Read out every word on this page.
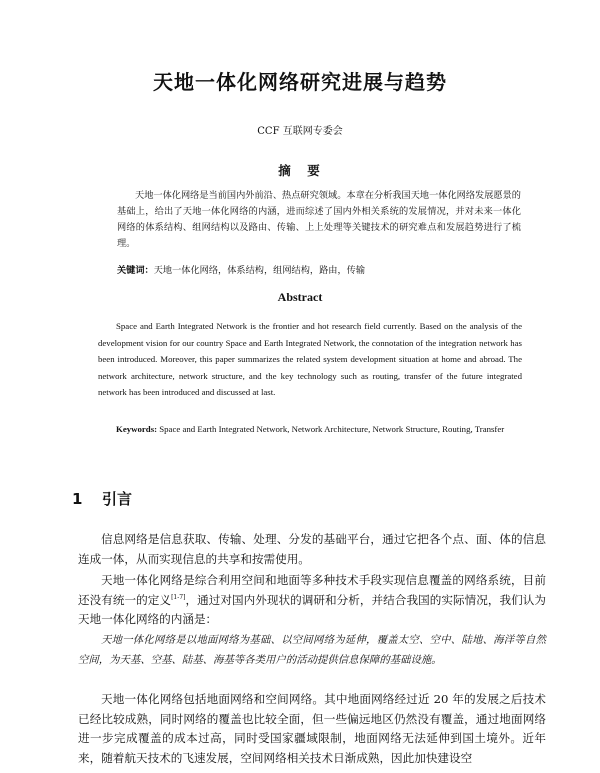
天地一体化网络研究进展与趋势
CCF 互联网专委会
摘　要
天地一体化网络是当前国内外前沿、热点研究领域。本章在分析我国天地一体化网络发展愿景的基础上，给出了天地一体化网络的内涵，进而综述了国内外相关系统的发展情况，并对未来一体化网络的体系结构、组网结构以及路由、传输、上上处理等关键技术的研究难点和发展趋势进行了梳理。
关键词：天地一体化网络，体系结构，组网结构，路由，传输
Abstract
Space and Earth Integrated Network is the frontier and hot research field currently. Based on the analysis of the development vision for our country Space and Earth Integrated Network, the connotation of the integration network has been introduced. Moreover, this paper summarizes the related system development situation at home and abroad. The network architecture, network structure, and the key technology such as routing, transfer of the future integrated network has been introduced and discussed at last.
Keywords: Space and Earth Integrated Network, Network Architecture, Network Structure, Routing, Transfer
1 引言
信息网络是信息获取、传输、处理、分发的基础平台，通过它把各个点、面、体的信息连成一体，从而实现信息的共享和按需使用。
天地一体化网络是综合利用空间和地面等多种技术手段实现信息覆盖的网络系统，目前还没有统一的定义[1-7]，通过对国内外现状的调研和分析，并结合我国的实际情况，我们认为天地一体化网络的内涵是：
天地一体化网络是以地面网络为基础、以空间网络为延伸，覆盖太空、空中、陆地、海洋等自然空间，为天基、空基、陆基、海基等各类用户的活动提供信息保障的基础设施。
天地一体化网络包括地面网络和空间网络。其中地面网络经过近 20 年的发展之后技术已经比较成熟，同时网络的覆盖也比较全面，但一些偏远地区仍然没有覆盖，通过地面网络进一步完成覆盖的成本过高，同时受国家疆域限制，地面网络无法延伸到国土境外。近年来，随着航天技术的飞速发展，空间网络相关技术日渐成熟，因此加快建设空
